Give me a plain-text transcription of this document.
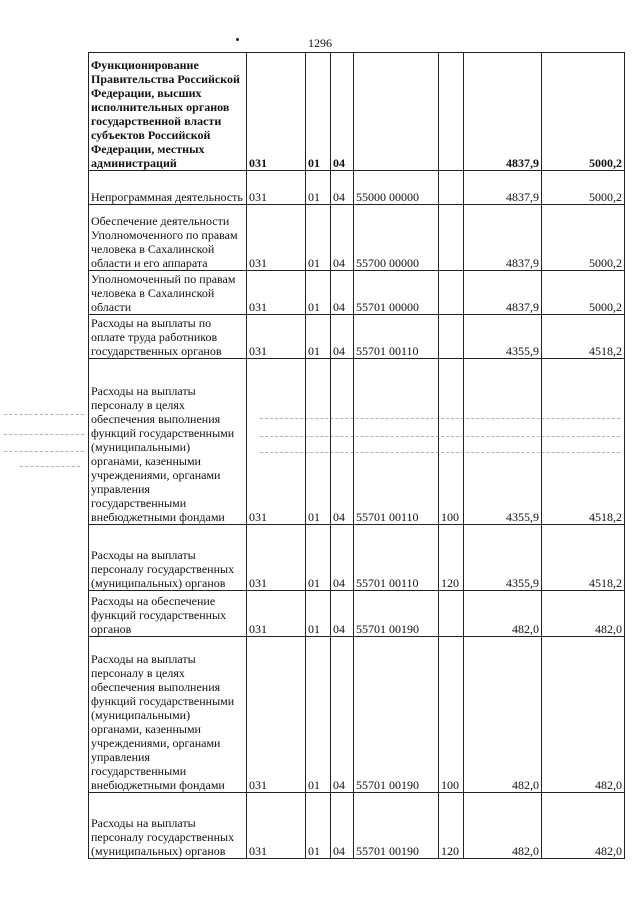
1296
Функционирование Правительства Российской Федерации, высших исполнительных органов государственной власти субъектов Российской Федерации, местных администраций	031	01	04			4837,9	5000,2
Непрограммная деятельность	031	01	04	55000 00000		4837,9	5000,2
Обеспечение деятельности Уполномоченного по правам человека в Сахалинской области и его аппарата	031	01	04	55700 00000		4837,9	5000,2
Уполномоченный по правам человека в Сахалинской области	031	01	04	55701 00000		4837,9	5000,2
Расходы на выплаты по оплате труда работников государственных органов	031	01	04	55701 00110		4355,9	4518,2
Расходы на выплаты персоналу в целях обеспечения выполнения функций государственными (муниципальными) органами, казенными учреждениями, органами управления государственными внебюджетными фондами	031	01	04	55701 00110	100	4355,9	4518,2
Расходы на выплаты персоналу государственных (муниципальных) органов	031	01	04	55701 00110	120	4355,9	4518,2
Расходы на обеспечение функций государственных органов	031	01	04	55701 00190		482,0	482,0
Расходы на выплаты персоналу в целях обеспечения выполнения функций государственными (муниципальными) органами, казенными учреждениями, органами управления государственными внебюджетными фондами	031	01	04	55701 00190	100	482,0	482,0
Расходы на выплаты персоналу государственных (муниципальных) органов	031	01	04	55701 00190	120	482,0	482,0
